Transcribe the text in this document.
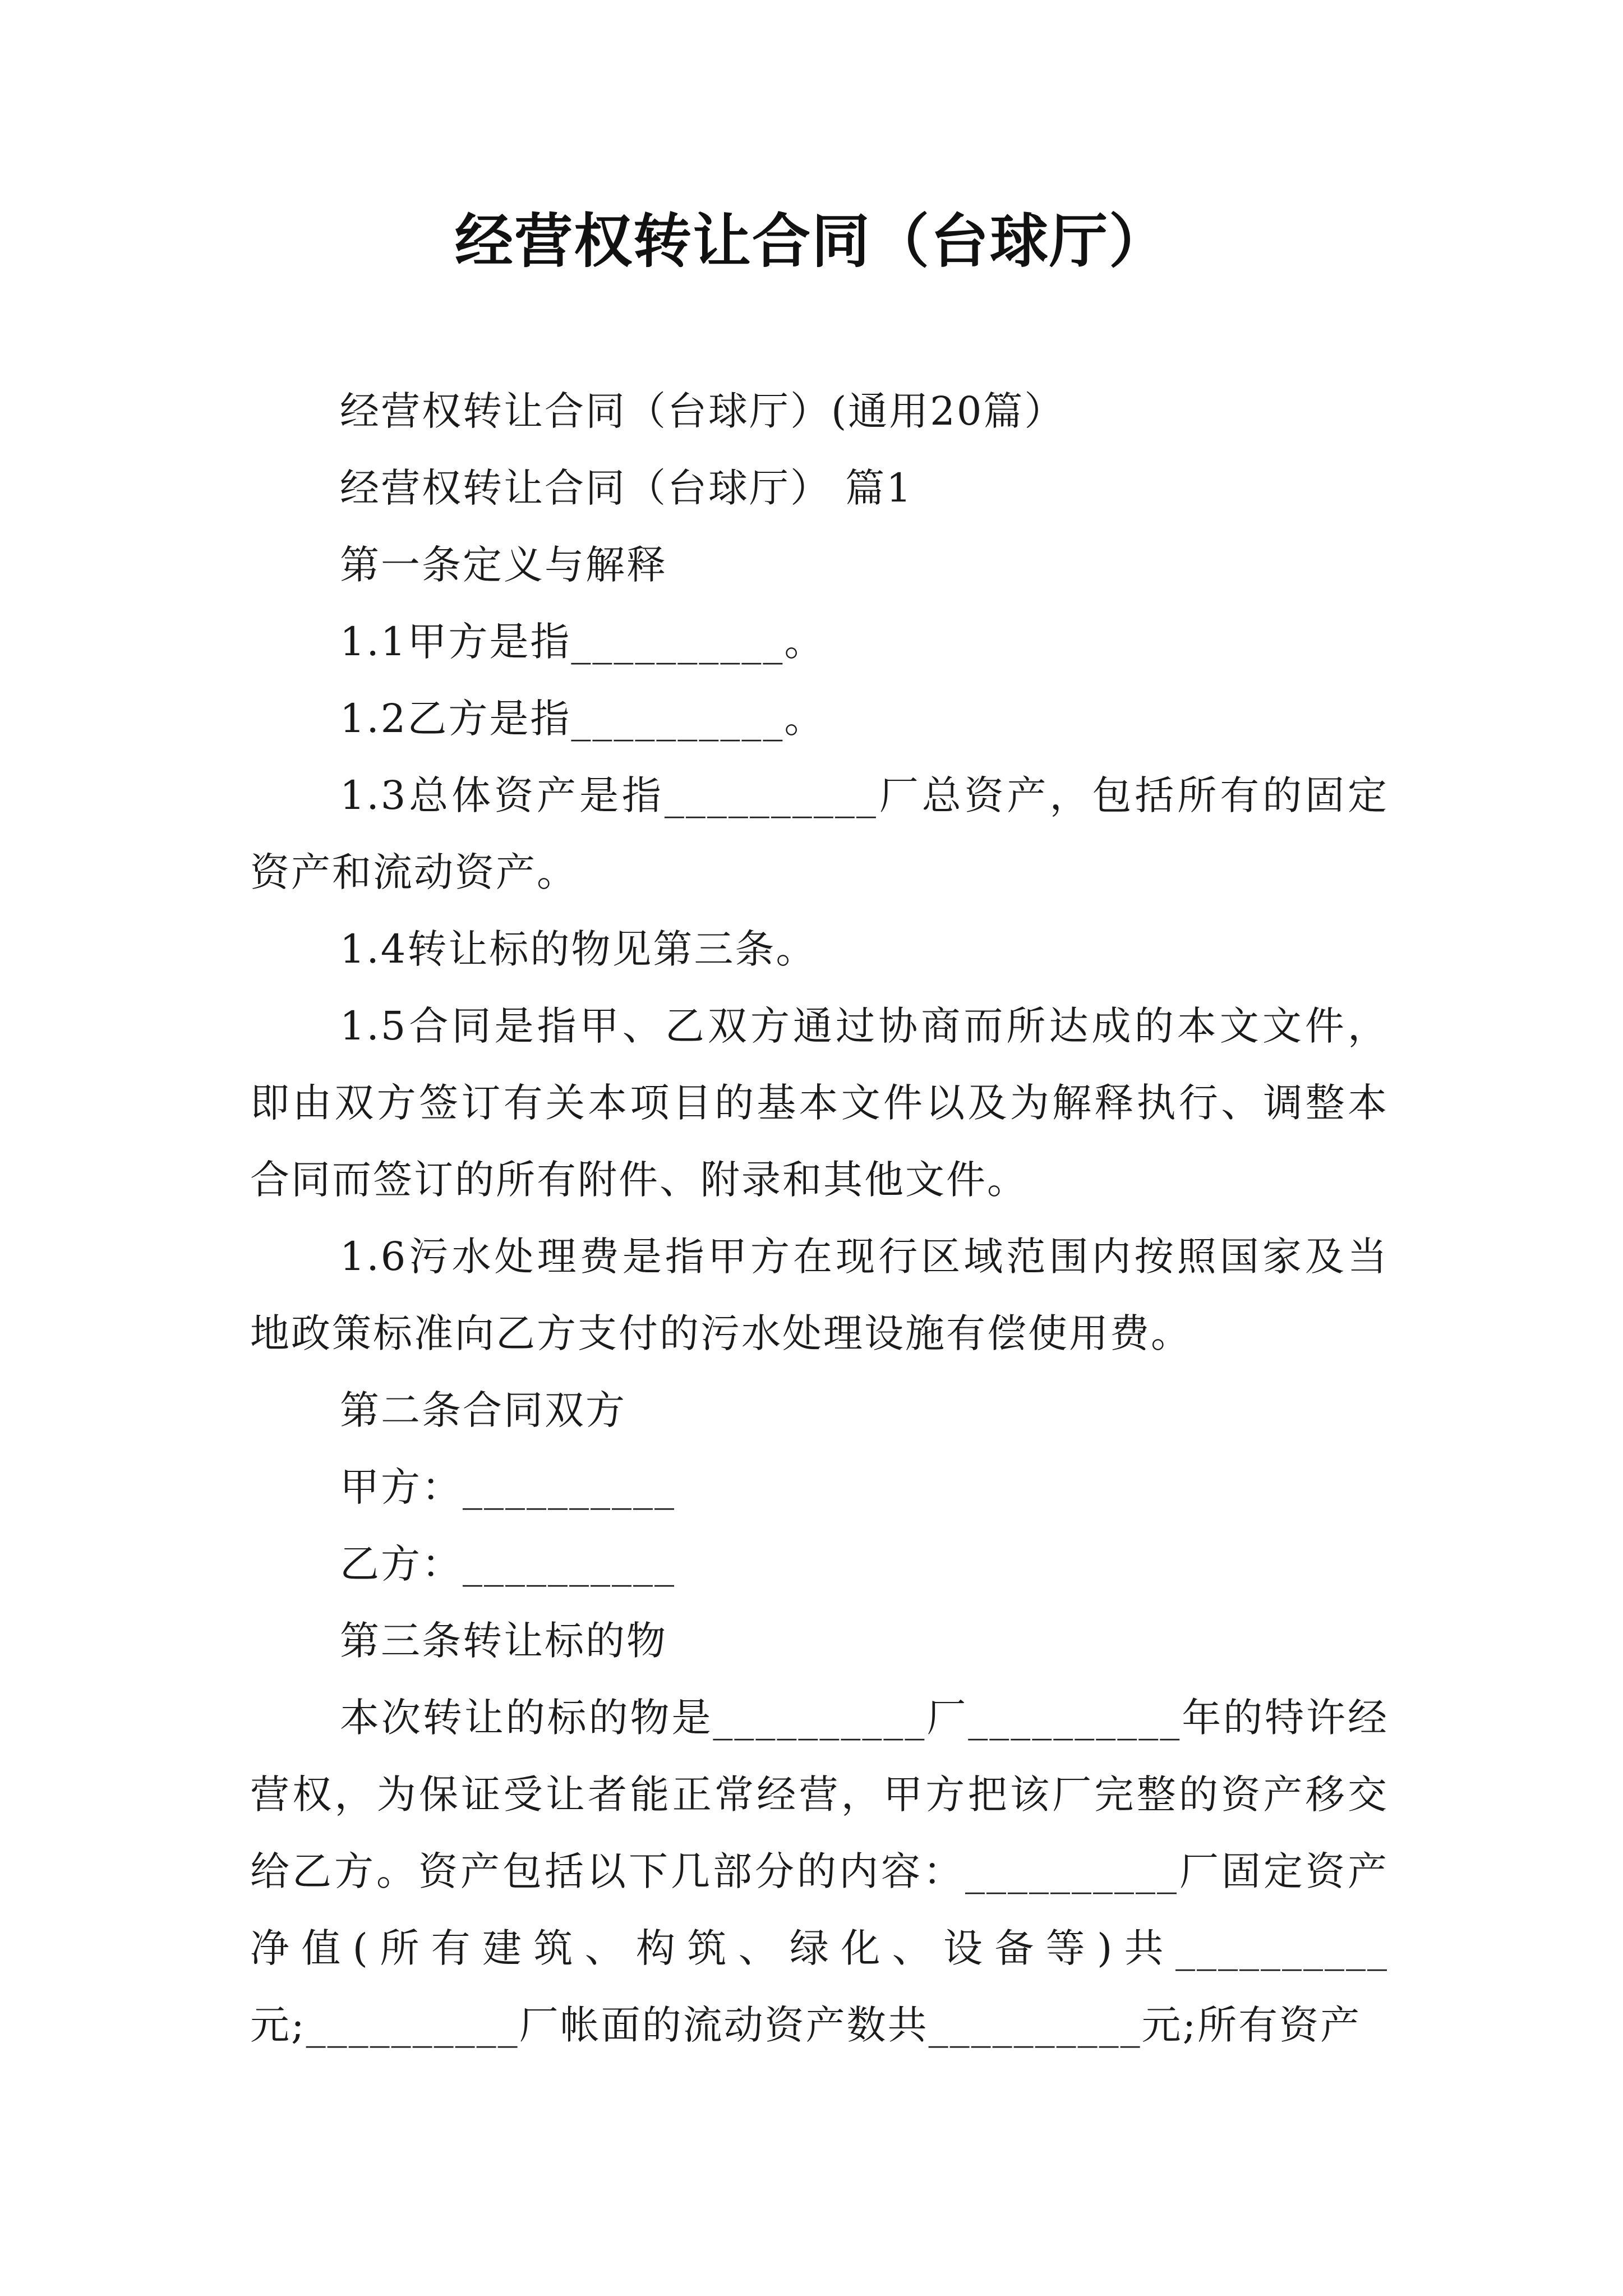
经营权转让合同（台球厅）

经营权转让合同（台球厅）(通用20篇）

经营权转让合同（台球厅） 篇1

第一条定义与解释

1.1甲方是指__________。

1.2乙方是指__________。

1.3总体资产是指__________厂总资产，包括所有的固定资产和流动资产。

1.4转让标的物见第三条。

1.5合同是指甲、乙双方通过协商而所达成的本文文件，即由双方签订有关本项目的基本文件以及为解释执行、调整本合同而签订的所有附件、附录和其他文件。

1.6污水处理费是指甲方在现行区域范围内按照国家及当地政策标准向乙方支付的污水处理设施有偿使用费。

第二条合同双方

甲方：__________

乙方：__________

第三条转让标的物

本次转让的标的物是__________厂__________年的特许经营权，为保证受让者能正常经营，甲方把该厂完整的资产移交给乙方。资产包括以下几部分的内容：__________厂固定资产净值(所有建筑、构筑、绿化、设备等)共__________元;__________厂帐面的流动资产数共__________元;所有资产
